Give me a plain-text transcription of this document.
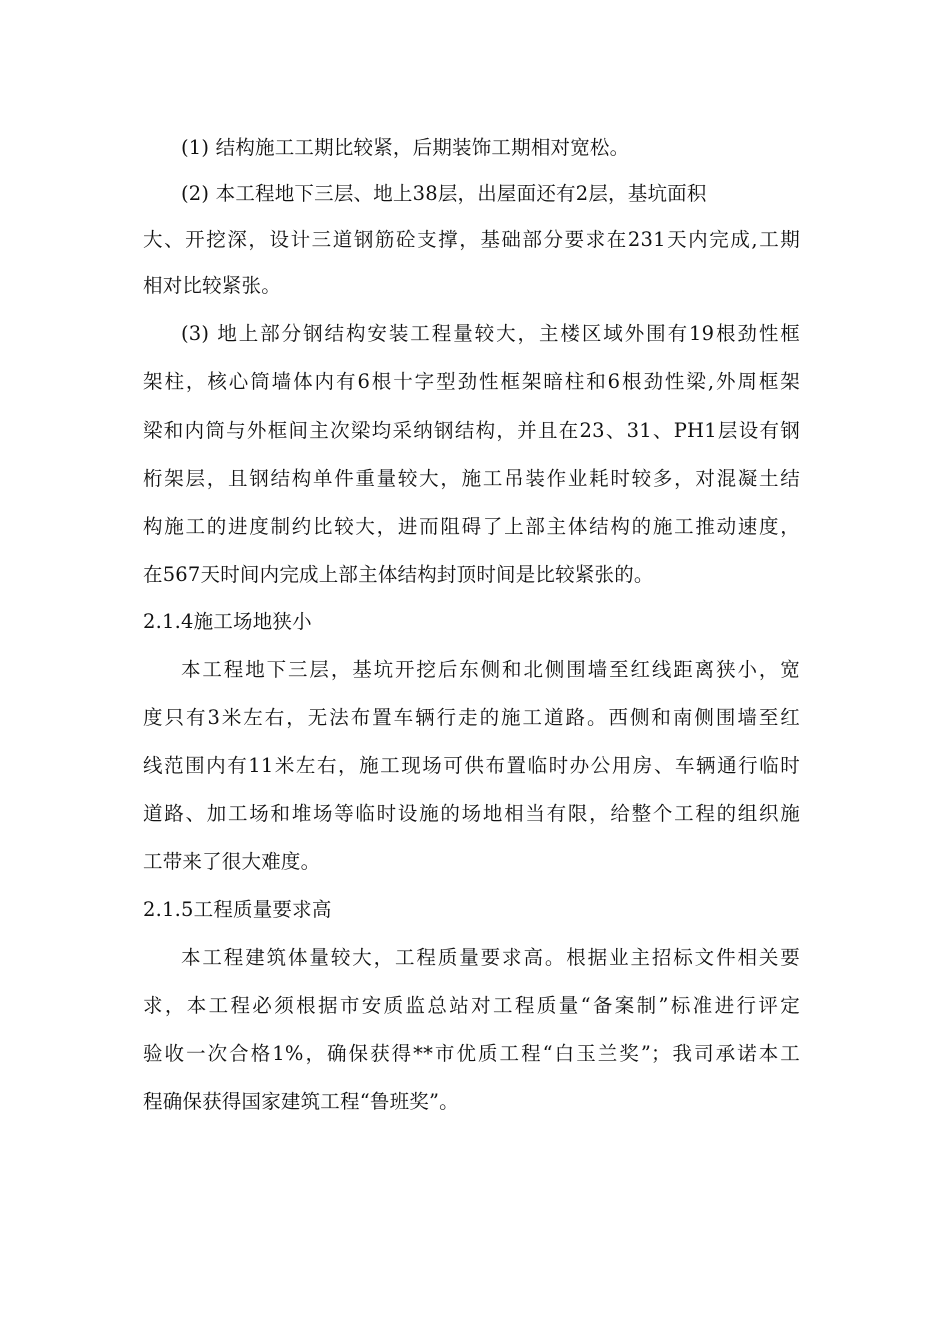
(1) 结构施工工期比较紧，后期装饰工期相对宽松。
(2) 本工程地下三层、地上38层，出屋面还有2层，基坑面积
大、开挖深，设计三道钢筋砼支撑，基础部分要求在231天内完成,工期
相对比较紧张。
(3) 地上部分钢结构安装工程量较大，主楼区域外围有19根劲性框
架柱，核心筒墙体内有6根十字型劲性框架暗柱和6根劲性梁,外周框架
梁和内筒与外框间主次梁均采纳钢结构，并且在23、31、PH1层设有钢
桁架层，且钢结构单件重量较大，施工吊装作业耗时较多，对混凝土结
构施工的进度制约比较大，进而阻碍了上部主体结构的施工推动速度，
在567天时间内完成上部主体结构封顶时间是比较紧张的。
2.1.4施工场地狭小
本工程地下三层，基坑开挖后东侧和北侧围墙至红线距离狭小，宽
度只有3米左右，无法布置车辆行走的施工道路。西侧和南侧围墙至红
线范围内有11米左右，施工现场可供布置临时办公用房、车辆通行临时
道路、加工场和堆场等临时设施的场地相当有限，给整个工程的组织施
工带来了很大难度。
2.1.5工程质量要求高
本工程建筑体量较大，工程质量要求高。根据业主招标文件相关要
求，本工程必须根据市安质监总站对工程质量“备案制”标准进行评定
验收一次合格1%，确保获得**市优质工程“白玉兰奖”；我司承诺本工
程确保获得国家建筑工程“鲁班奖”。
